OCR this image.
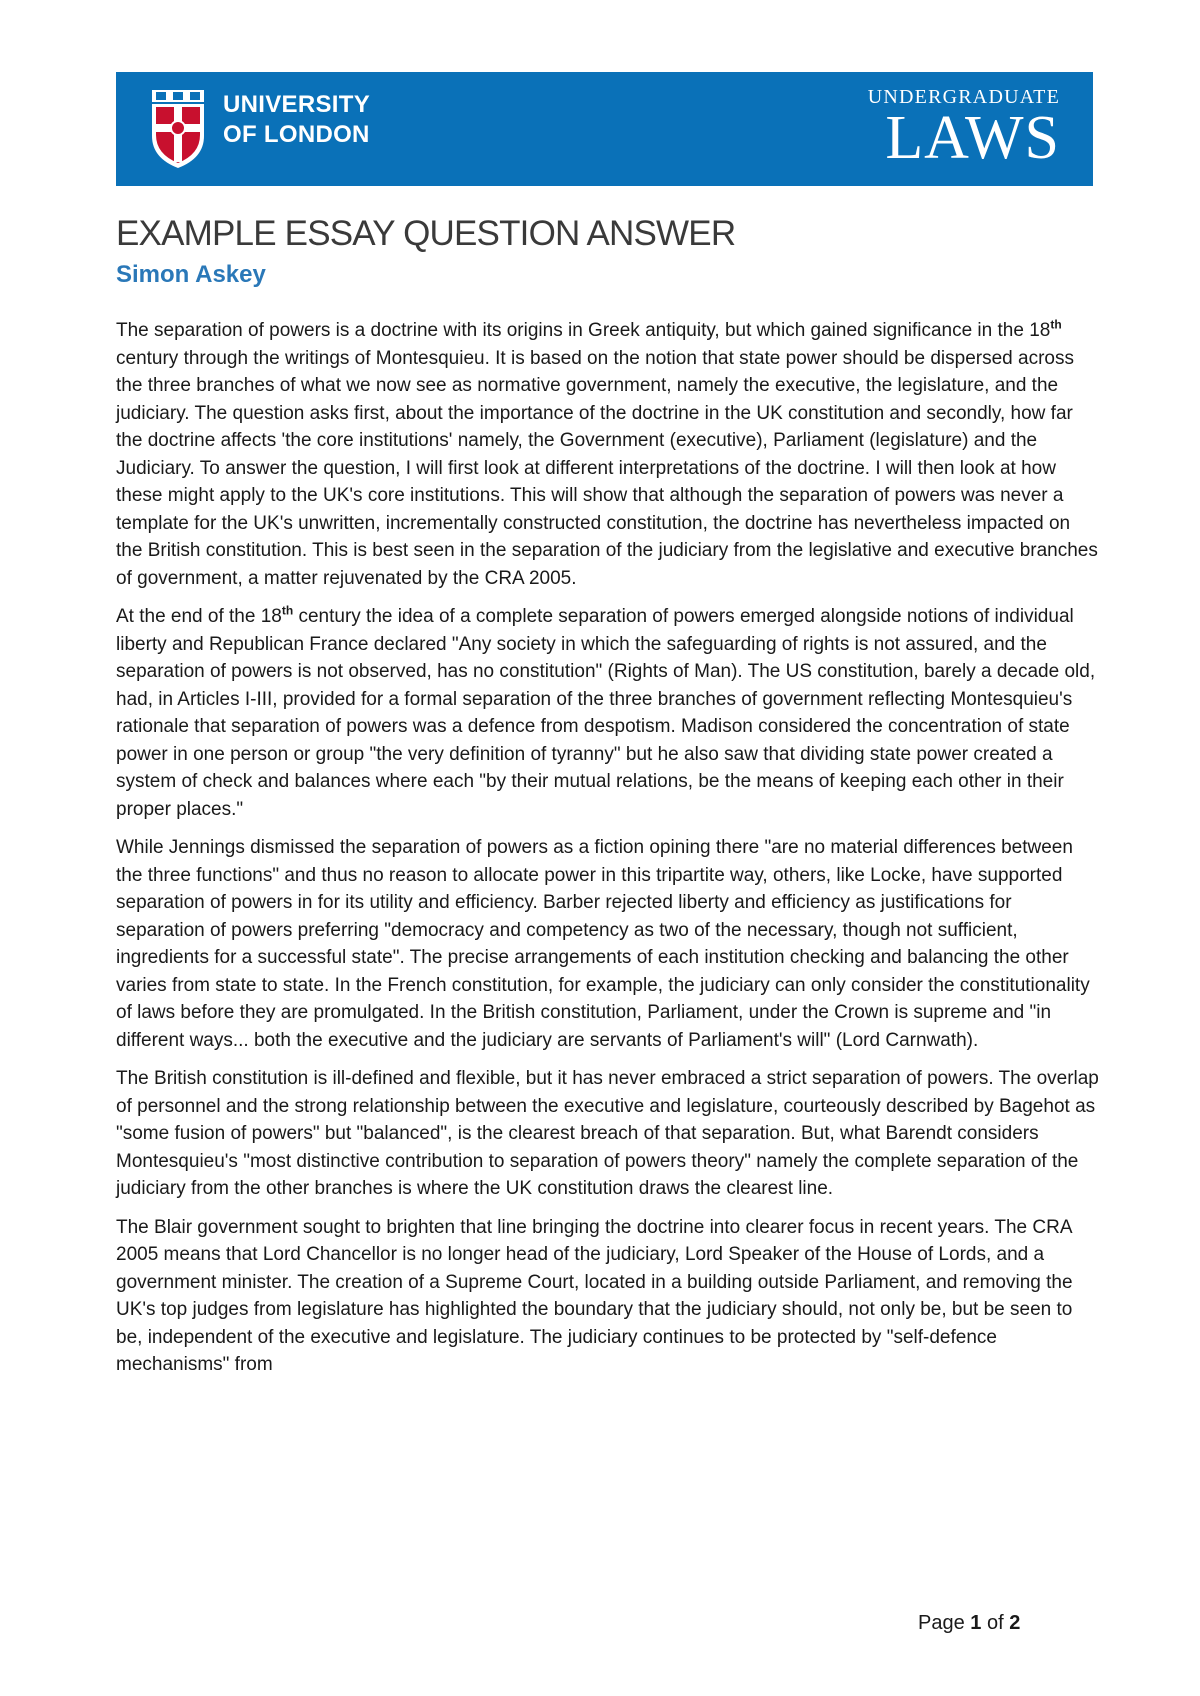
UNIVERSITY
OF LONDON
UNDERGRADUATE
LAWS
EXAMPLE ESSAY QUESTION ANSWER
Simon Askey

The separation of powers is a doctrine with its origins in Greek antiquity, but which gained significance in the 18th century through the writings of Montesquieu. It is based on the notion that state power should be dispersed across the three branches of what we now see as normative government, namely the executive, the legislature, and the judiciary. The question asks first, about the importance of the doctrine in the UK constitution and secondly, how far the doctrine affects 'the core institutions' namely, the Government (executive), Parliament (legislature) and the Judiciary. To answer the question, I will first look at different interpretations of the doctrine. I will then look at how these might apply to the UK's core institutions. This will show that although the separation of powers was never a template for the UK's unwritten, incrementally constructed constitution, the doctrine has nevertheless impacted on the British constitution. This is best seen in the separation of the judiciary from the legislative and executive branches of government, a matter rejuvenated by the CRA 2005.

At the end of the 18th century the idea of a complete separation of powers emerged alongside notions of individual liberty and Republican France declared "Any society in which the safeguarding of rights is not assured, and the separation of powers is not observed, has no constitution" (Rights of Man). The US constitution, barely a decade old, had, in Articles I-III, provided for a formal separation of the three branches of government reflecting Montesquieu's rationale that separation of powers was a defence from despotism. Madison considered the concentration of state power in one person or group "the very definition of tyranny" but he also saw that dividing state power created a system of check and balances where each "by their mutual relations, be the means of keeping each other in their proper places."

While Jennings dismissed the separation of powers as a fiction opining there "are no material differences between the three functions" and thus no reason to allocate power in this tripartite way, others, like Locke, have supported separation of powers in for its utility and efficiency. Barber rejected liberty and efficiency as justifications for separation of powers preferring "democracy and competency as two of the necessary, though not sufficient, ingredients for a successful state". The precise arrangements of each institution checking and balancing the other varies from state to state. In the French constitution, for example, the judiciary can only consider the constitutionality of laws before they are promulgated. In the British constitution, Parliament, under the Crown is supreme and "in different ways... both the executive and the judiciary are servants of Parliament's will" (Lord Carnwath).

The British constitution is ill-defined and flexible, but it has never embraced a strict separation of powers. The overlap of personnel and the strong relationship between the executive and legislature, courteously described by Bagehot as "some fusion of powers" but "balanced", is the clearest breach of that separation. But, what Barendt considers Montesquieu's "most distinctive contribution to separation of powers theory" namely the complete separation of the judiciary from the other branches is where the UK constitution draws the clearest line.

The Blair government sought to brighten that line bringing the doctrine into clearer focus in recent years. The CRA 2005 means that Lord Chancellor is no longer head of the judiciary, Lord Speaker of the House of Lords, and a government minister. The creation of a Supreme Court, located in a building outside Parliament, and removing the UK's top judges from legislature has highlighted the boundary that the judiciary should, not only be, but be seen to be, independent of the executive and legislature. The judiciary continues to be protected by "self-defence mechanisms" from

Page 1 of 2
